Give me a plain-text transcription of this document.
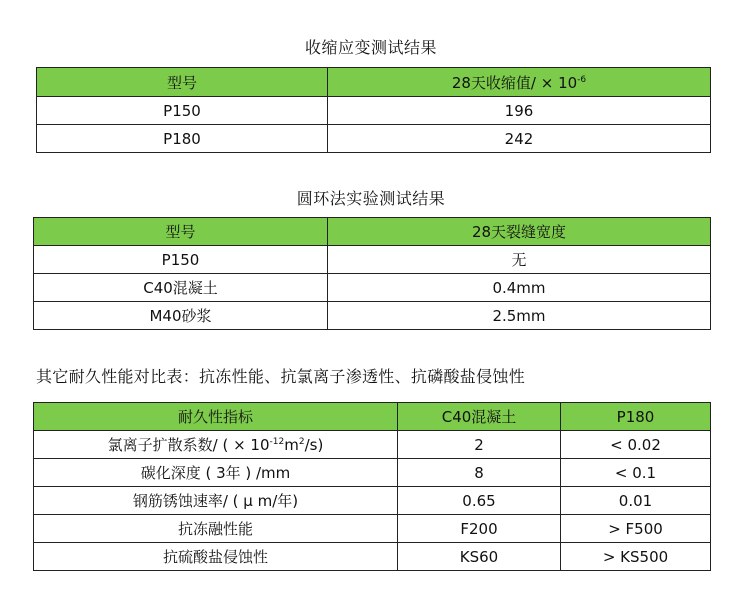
收缩应变测试结果
型号	28天收缩值/ × $10^{-6}$
P150	196
P180	242
圆环法实验测试结果
型号	28天裂缝宽度
P150	无
C40混凝土	0.4mm
M40砂浆	2.5mm
其它耐久性能对比表：抗冻性能、抗氯离子渗透性、抗磷酸盐侵蚀性
耐久性指标	C40混凝土	P180
氯离子扩散系数/ ( × $10^{-12}m^2/s$)	2	< 0.02
碳化深度 ( 3年 ) /mm	8	< 0.1
钢筋锈蚀速率/ ( μ m/年)	0.65	0.01
抗冻融性能	F200	> F500
抗硫酸盐侵蚀性	KS60	> KS500
